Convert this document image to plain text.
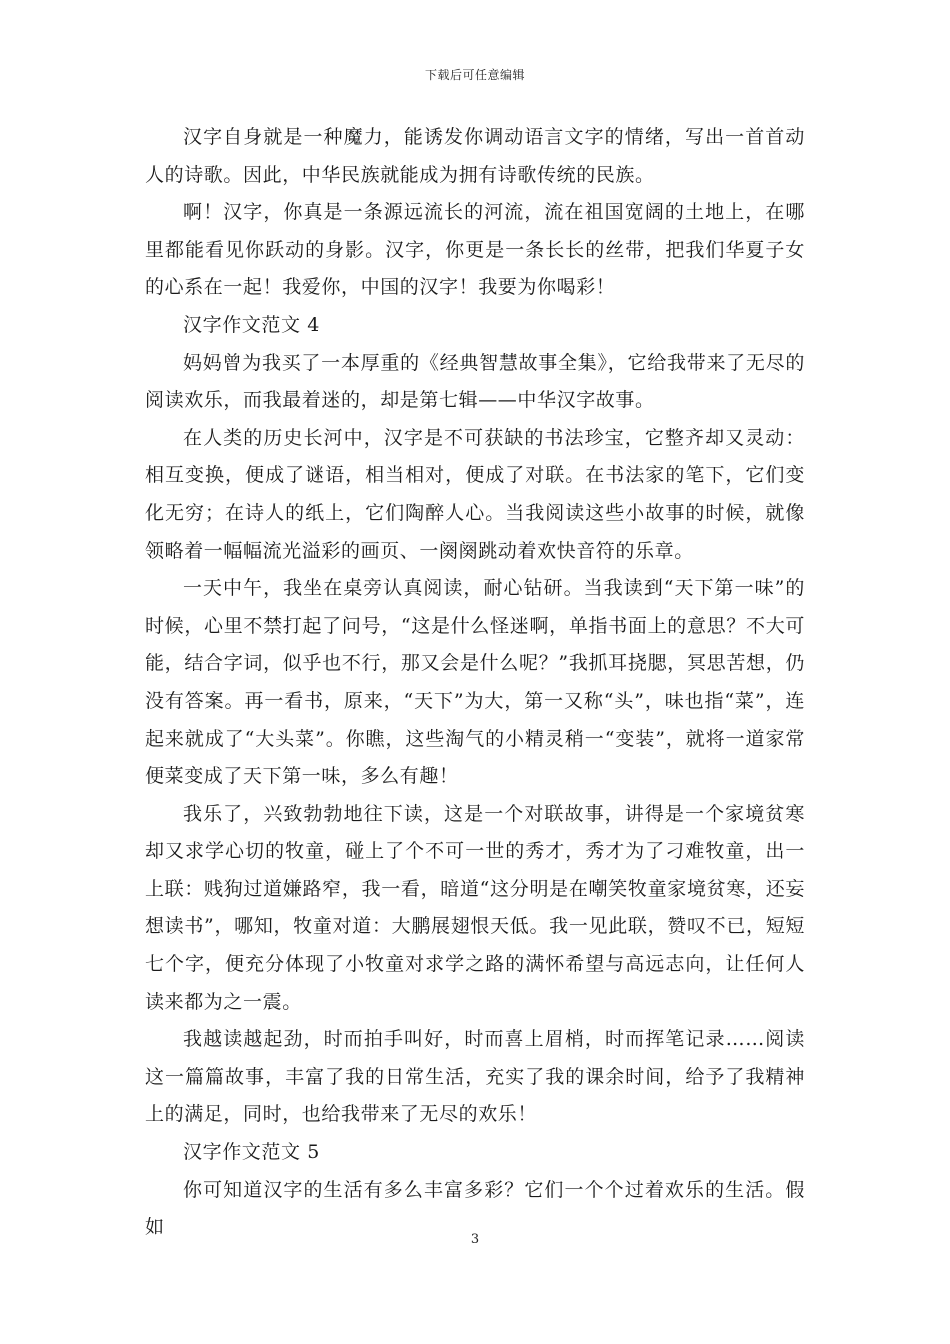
下载后可任意编辑

汉字自身就是一种魔力，能诱发你调动语言文字的情绪，写出一首首动人的诗歌。因此，中华民族就能成为拥有诗歌传统的民族。

啊！汉字，你真是一条源远流长的河流，流在祖国宽阔的土地上，在哪里都能看见你跃动的身影。汉字，你更是一条长长的丝带，把我们华夏子女的心系在一起！我爱你，中国的汉字！我要为你喝彩！

汉字作文范文 4

妈妈曾为我买了一本厚重的《经典智慧故事全集》，它给我带来了无尽的阅读欢乐，而我最着迷的，却是第七辑——中华汉字故事。

在人类的历史长河中，汉字是不可获缺的书法珍宝，它整齐却又灵动：相互变换，便成了谜语，相当相对，便成了对联。在书法家的笔下，它们变化无穷；在诗人的纸上，它们陶醉人心。当我阅读这些小故事的时候，就像领略着一幅幅流光溢彩的画页、一阕阕跳动着欢快音符的乐章。

一天中午，我坐在桌旁认真阅读，耐心钻研。当我读到“天下第一味”的时候，心里不禁打起了问号，“这是什么怪迷啊，单指书面上的意思？不大可能，结合字词，似乎也不行，那又会是什么呢？”我抓耳挠腮，冥思苦想，仍没有答案。再一看书，原来，“天下”为大，第一又称“头”，味也指“菜”，连起来就成了“大头菜”。你瞧，这些淘气的小精灵稍一“变装”，就将一道家常便菜变成了天下第一味，多么有趣！

我乐了，兴致勃勃地往下读，这是一个对联故事，讲得是一个家境贫寒却又求学心切的牧童，碰上了个不可一世的秀才，秀才为了刁难牧童，出一上联：贱狗过道嫌路窄，我一看，暗道“这分明是在嘲笑牧童家境贫寒，还妄想读书”，哪知，牧童对道：大鹏展翅恨天低。我一见此联，赞叹不已，短短七个字，便充分体现了小牧童对求学之路的满怀希望与高远志向，让任何人读来都为之一震。

我越读越起劲，时而拍手叫好，时而喜上眉梢，时而挥笔记录……阅读这一篇篇故事，丰富了我的日常生活，充实了我的课余时间，给予了我精神上的满足，同时，也给我带来了无尽的欢乐！

汉字作文范文 5

你可知道汉字的生活有多么丰富多彩？它们一个个过着欢乐的生活。假如

3
